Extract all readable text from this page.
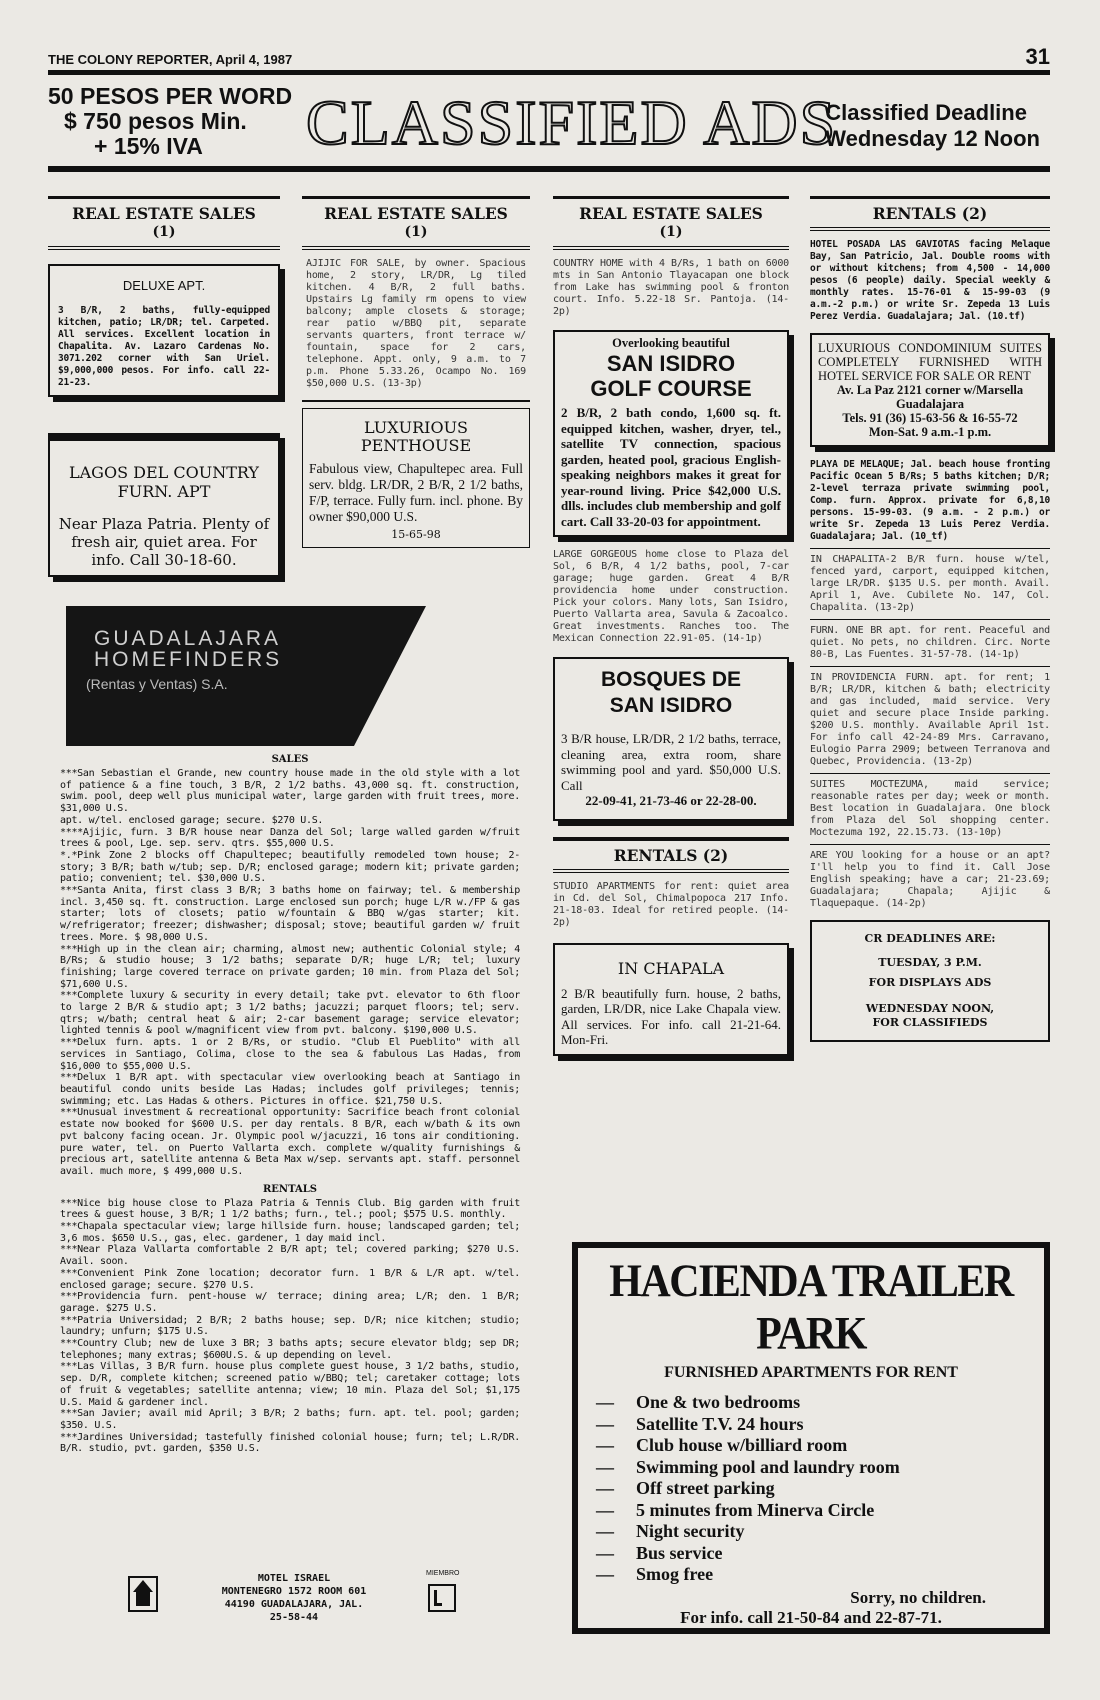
THE COLONY REPORTER, April 4, 1987	31
50 PESOS PER WORD
$ 750 pesos Min.
+ 15% IVA	CLASSIFIED ADS
Classified Deadline
Wednesday 12 Noon
REAL ESTATE SALES
(1)
DELUXE APT.
3 B/R, 2 baths, fully-equipped kitchen, patio; LR/DR; tel. Carpeted. All services. Excellent location in Chapalita. Av. Lazaro Cardenas No. 3071.202 corner with San Uriel. $9,000,000 pesos. For info. call 22-21-23.
LAGOS DEL COUNTRY FURN. APT
Near Plaza Patria. Plenty of fresh air, quiet area. For info. Call 30-18-60.
REAL ESTATE SALES
(1)
AJIJIC FOR SALE, by owner. Spacious home, 2 story, LR/DR, Lg tiled kitchen. 4 B/R, 2 full baths. Upstairs Lg family rm opens to view balcony; ample closets & storage; rear patio w/BBQ pit, separate servants quarters, front terrace w/ fountain, space for 2 cars, telephone. Appt. only, 9 a.m. to 7 p.m. Phone 5.33.26, Ocampo No. 169 $50,000 U.S. (13-3p)
LUXURIOUS PENTHOUSE
Fabulous view, Chapultepec area. Full serv. bldg. LR/DR, 2 B/R, 2 1/2 baths, F/P, terrace. Fully furn. incl. phone. By owner $90,000 U.S.
15-65-98
GUADALAJARA
HOMEFINDERS
(Rentas y Ventas) S.A.
SALES

***San Sebastian el Grande, new country house made in the old style with a lot of patience & a fine touch, 3 B/R, 2 1/2 baths. 43,000 sq. ft. construction, swim. pool, deep well plus municipal water, large garden with fruit trees, more. $31,000 U.S.

apt. w/tel. enclosed garage; secure. $270 U.S.

****Ajijic, furn. 3 B/R house near Danza del Sol; large walled garden w/fruit trees & pool, Lge. sep. serv. qtrs. $55,000 U.S.

*.*Pink Zone 2 blocks off Chapultepec; beautifully remodeled town house; 2-story; 3 B/R; bath w/tub; sep. D/R; enclosed garage; modern kit; private garden; patio; convenient; tel. $30,000 U.S.

***Santa Anita, first class 3 B/R; 3 baths home on fairway; tel. & membership incl. 3,450 sq. ft. construction. Large enclosed sun porch; huge L/R w./FP & gas starter; lots of closets; patio w/fountain & BBQ w/gas starter; kit. w/refrigerator; freezer; dishwasher; disposal; stove; beautiful garden w/ fruit trees. More. $ 98,000 U.S.

***High up in the clean air; charming, almost new; authentic Colonial style; 4 B/Rs; & studio house; 3 1/2 baths; separate D/R; huge L/R; tel; luxury finishing; large covered terrace on private garden; 10 min. from Plaza del Sol; $71,600 U.S.

***Complete luxury & security in every detail; take pvt. elevator to 6th floor to large 2 B/R & studio apt; 3 1/2 baths; jacuzzi; parquet floors; tel; serv. qtrs; w/bath; central heat & air; 2-car basement garage; service elevator; lighted tennis & pool w/magnificent view from pvt. balcony. $190,000 U.S.

***Delux furn. apts. 1 or 2 B/Rs, or studio. "Club El Pueblito" with all services in Santiago, Colima, close to the sea & fabulous Las Hadas, from $16,000 to $55,000 U.S.

***Delux 1 B/R apt. with spectacular view overlooking beach at Santiago in beautiful condo units beside Las Hadas; includes golf privileges; tennis; swimming; etc. Las Hadas & others. Pictures in office. $21,750 U.S.

***Unusual investment & recreational opportunity: Sacrifice beach front colonial estate now booked for $600 U.S. per day rentals. 8 B/R, each w/bath & its own pvt balcony facing ocean. Jr. Olympic pool w/jacuzzi, 16 tons air conditioning. pure water, tel. on Puerto Vallarta exch. complete w/quality furnishings & precious art, satellite antenna & Beta Max w/sep. servants apt. staff. personnel avail. much more, $ 499,000 U.S.

RENTALS

***Nice big house close to Plaza Patria & Tennis Club. Big garden with fruit trees & guest house, 3 B/R; 1 1/2 baths; furn., tel.; pool; $575 U.S. monthly.

***Chapala spectacular view; large hillside furn. house; landscaped garden; tel; 3,6 mos. $650 U.S., gas, elec. gardener, 1 day maid incl.

***Near Plaza Vallarta comfortable 2 B/R apt; tel; covered parking; $270 U.S. Avail. soon.

***Convenient Pink Zone location; decorator furn. 1 B/R & L/R apt. w/tel. enclosed garage; secure. $270 U.S.

***Providencia furn. pent-house w/ terrace; dining area; L/R; den. 1 B/R; garage. $275 U.S.

***Patria Universidad; 2 B/R; 2 baths house; sep. D/R; nice kitchen; studio; laundry; unfurn; $175 U.S.

***Country Club; new de luxe 3 BR; 3 baths apts; secure elevator bldg; sep DR; telephones; many extras; $600U.S. & up depending on level.

***Las Villas, 3 B/R furn. house plus complete guest house, 3 1/2 baths, studio, sep. D/R, complete kitchen; screened patio w/BBQ; tel; caretaker cottage; lots of fruit & vegetables; satellite antenna; view; 10 min. Plaza del Sol; $1,175 U.S. Maid & gardener incl.

***San Javier; avail mid April; 3 B/R; 2 baths; furn. apt. tel. pool; garden; $350. U.S.

***Jardines Universidad; tastefully finished colonial house; furn; tel; L.R/DR. B/R. studio, pvt. garden, $350 U.S.

MOTEL ISRAEL
MONTENEGRO 1572 ROOM 601
44190 GUADALAJARA, JAL.
25-58-44
MIEMBRO
REAL ESTATE SALES
(1)
COUNTRY HOME with 4 B/Rs, 1 bath on 6000 mts in San Antonio Tlayacapan one block from Lake has swimming pool & fronton court. Info. 5.22-18 Sr. Pantoja. (14-2p)
Overlooking beautiful
SAN ISIDRO
GOLF COURSE
2 B/R, 2 bath condo, 1,600 sq. ft. equipped kitchen, washer, dryer, tel., satellite TV connection, spacious garden, heated pool, gracious English-speaking neighbors makes it great for year-round living. Price $42,000 U.S. dlls. includes club membership and golf cart. Call 33-20-03 for appointment.
LARGE GORGEOUS home close to Plaza del Sol, 6 B/R, 4 1/2 baths, pool, 7-car garage; huge garden. Great 4 B/R providencia home under construction. Pick your colors. Many lots, San Isidro, Puerto Vallarta area, Savula & Zacoalco. Great investments. Ranches too. The Mexican Connection 22.91-05. (14-1p)
BOSQUES DE
SAN ISIDRO
3 B/R house, LR/DR, 2 1/2 baths, terrace, cleaning area, extra room, share swimming pool and yard. $50,000 U.S. Call
22-09-41, 21-73-46 or 22-28-00.
RENTALS (2)
STUDIO APARTMENTS for rent: quiet area in Cd. del Sol, Chimalpopoca 217 Info. 21-18-03. Ideal for retired people. (14-2p)
IN CHAPALA
2 B/R beautifully furn. house, 2 baths, garden, LR/DR, nice Lake Chapala view. All services. For info. call 21-21-64. Mon-Fri.
RENTALS (2)
HOTEL POSADA LAS GAVIOTAS facing Melaque Bay, San Patricio, Jal. Double rooms with or without kitchens; from 4,500 - 14,000 pesos (6 people) daily. Special weekly & monthly rates. 15-76-01 & 15-99-03 (9 a.m.-2 p.m.) or write Sr. Zepeda 13 Luis Perez Verdia. Guadalajara; Jal. (10.tf)
LUXURIOUS CONDOMINIUM SUITES COMPLETELY FURNISHED WITH HOTEL SERVICE FOR SALE OR RENT
Av. La Paz 2121 corner w/Marsella Guadalajara
Tels. 91 (36) 15-63-56 & 16-55-72
Mon-Sat. 9 a.m.-1 p.m.
PLAYA DE MELAQUE; Jal. beach house fronting Pacific Ocean 5 B/Rs; 5 baths kitchen; D/R; 2-level terraza private swimming pool, Comp. furn. Approx. private for 6,8,10 persons. 15-99-03. (9 a.m. - 2 p.m.) or write Sr. Zepeda 13 Luis Perez Verdia. Guadalajara; Jal. (10_tf)
IN CHAPALITA-2 B/R furn. house w/tel, fenced yard, carport, equipped kitchen, large LR/DR. $135 U.S. per month. Avail. April 1, Ave. Cubilete No. 147, Col. Chapalita. (13-2p)
FURN. ONE BR apt. for rent. Peaceful and quiet. No pets, no children. Circ. Norte 80-B, Las Fuentes. 31-57-78. (14-1p)
IN PROVIDENCIA FURN. apt. for rent; 1 B/R; LR/DR, kitchen & bath; electricity and gas included, maid service. Very quiet and secure place Inside parking. $200 U.S. monthly. Available April 1st. For info call 42-24-89 Mrs. Carravano, Eulogio Parra 2909; between Terranova and Quebec, Providencia. (13-2p)
SUITES MOCTEZUMA, maid service; reasonable rates per day; week or month. Best location in Guadalajara. One block from Plaza del Sol shopping center. Moctezuma 192, 22.15.73. (13-10p)
ARE YOU looking for a house or an apt? I'll help you to find it. Call Jose English speaking; have a car; 21-23.69; Guadalajara; Chapala; Ajijic & Tlaquepaque. (14-2p)
CR DEADLINES ARE:
TUESDAY, 3 P.M.
FOR DISPLAYS ADS
WEDNESDAY NOON,
FOR CLASSIFIEDS
HACIENDA TRAILER PARK
FURNISHED APARTMENTS FOR RENT
—	One & two bedrooms
—	Satellite T.V. 24 hours
—	Club house w/billiard room
—	Swimming pool and laundry room
—	Off street parking
—	5 minutes from Minerva Circle
—	Night security
—	Bus service
—	Smog free
Sorry, no children.
For info. call 21-50-84 and 22-87-71.
